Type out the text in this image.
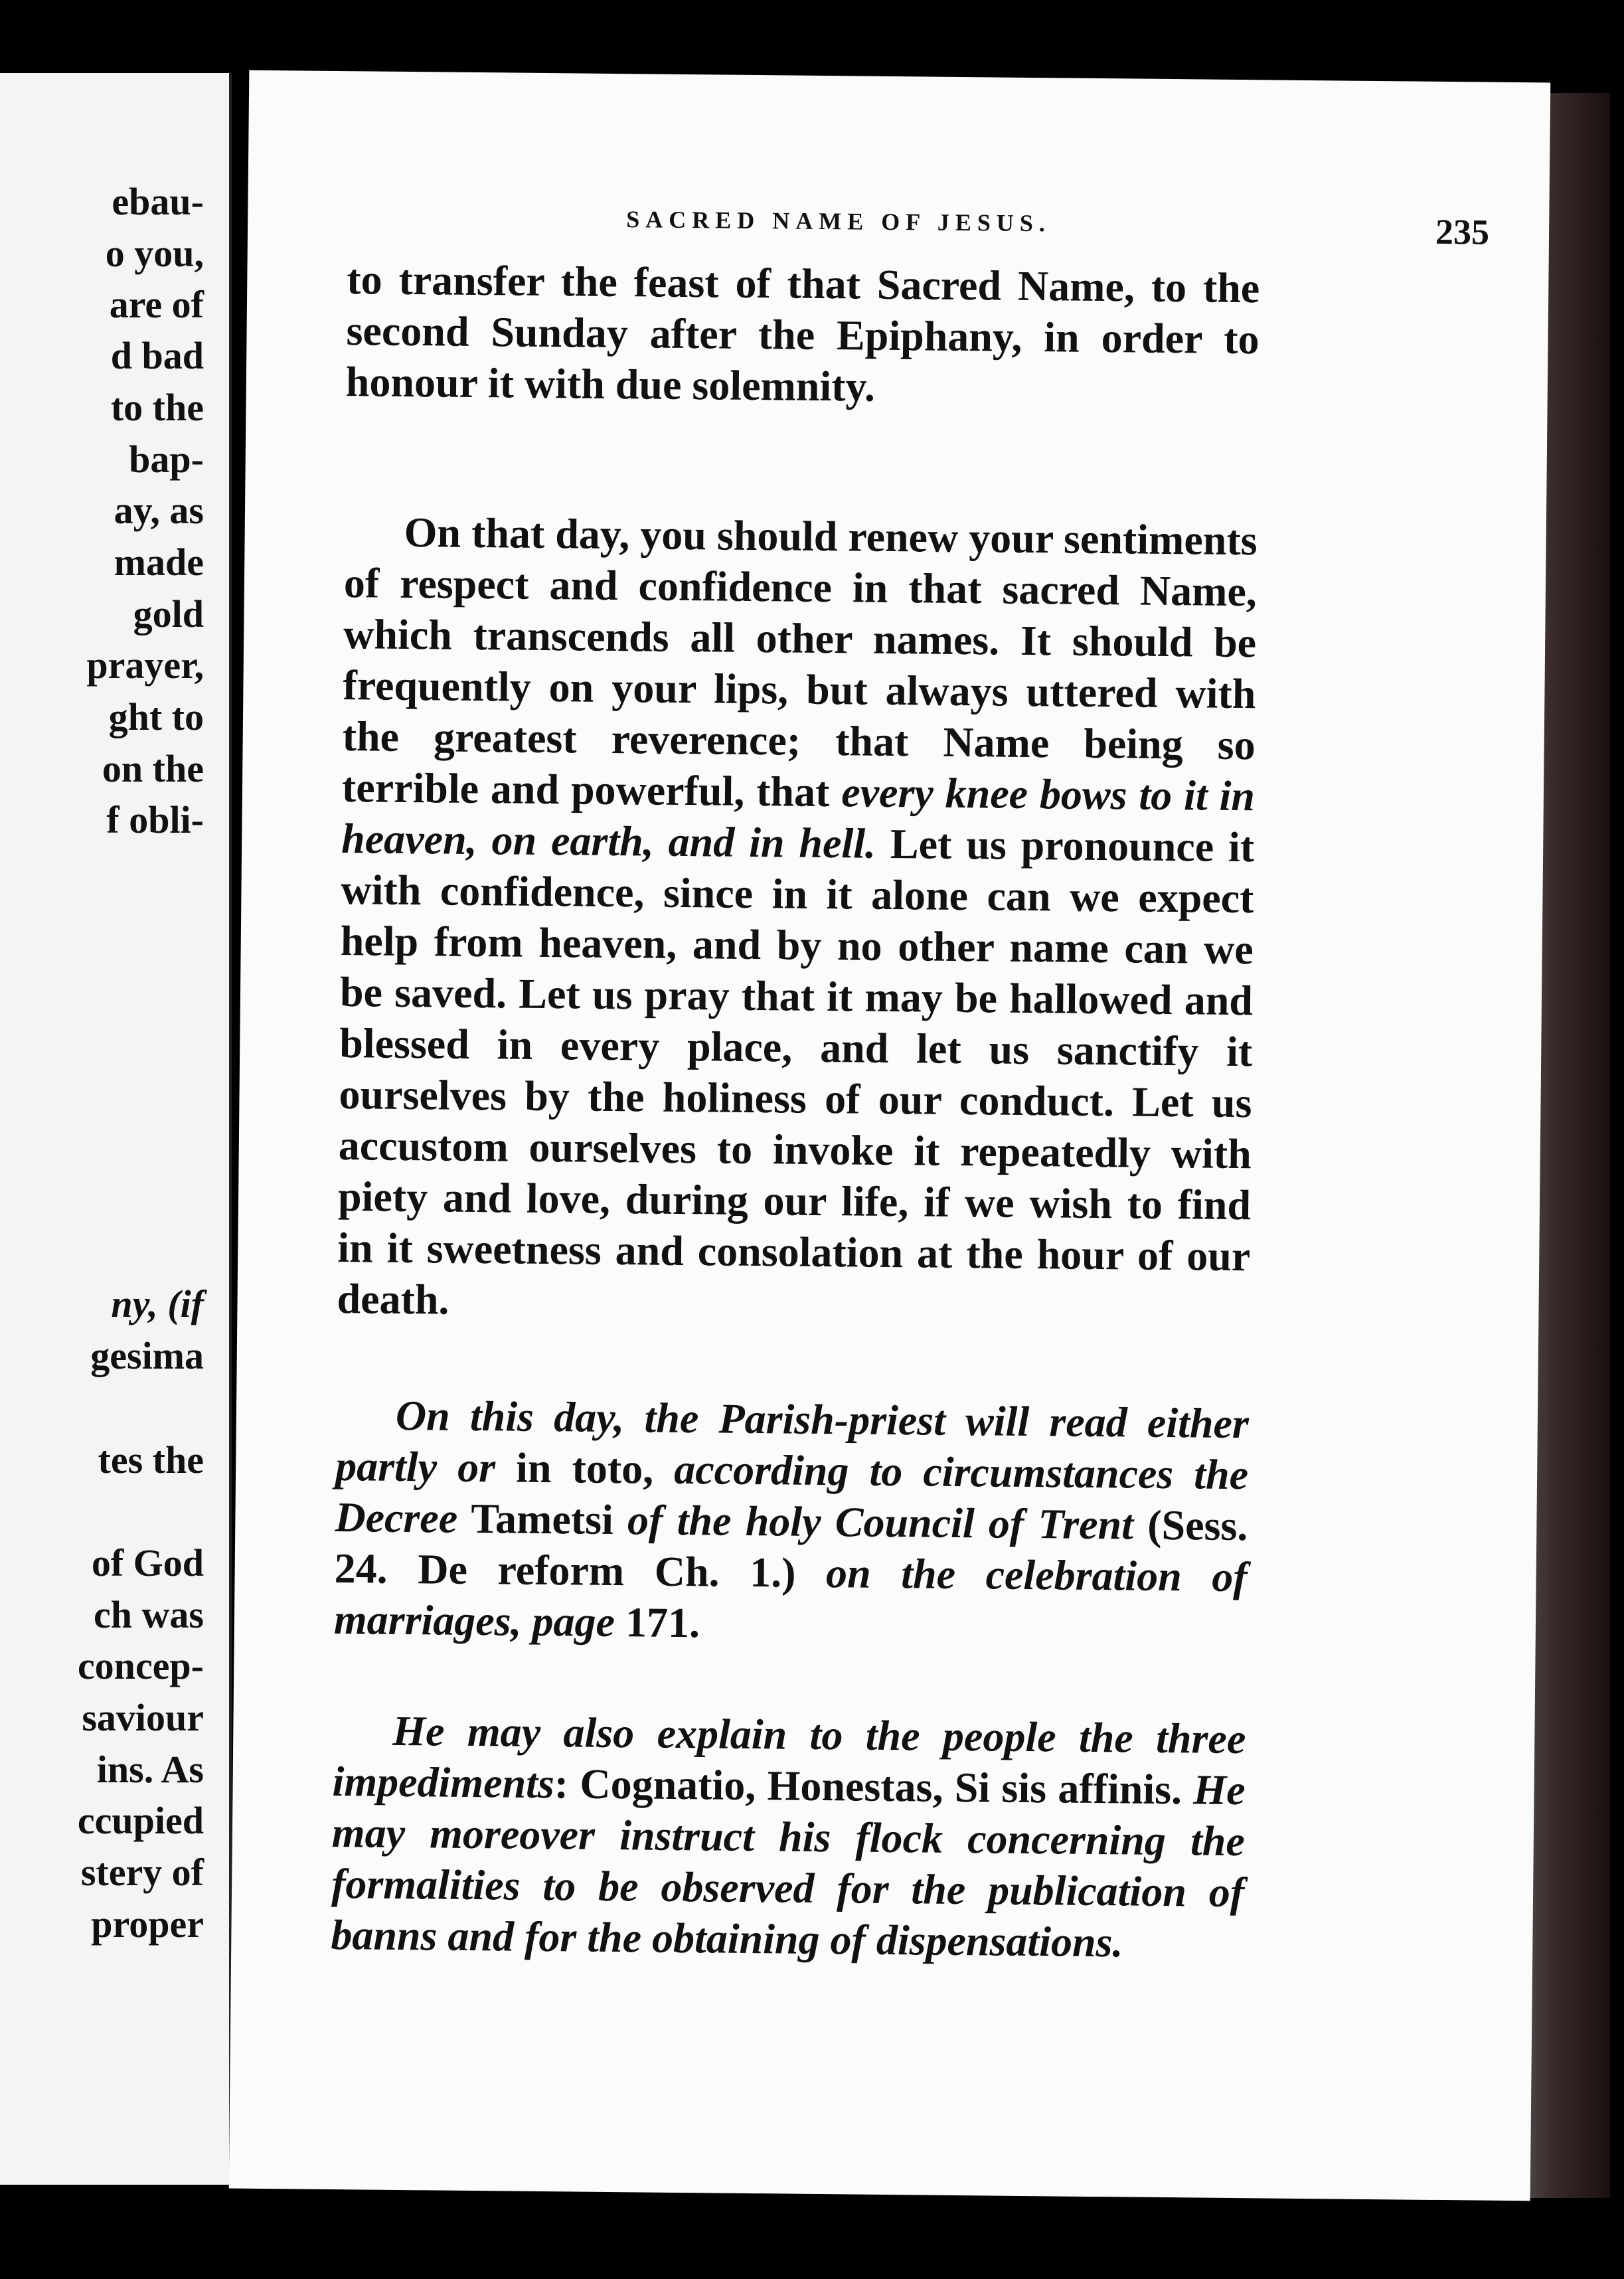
ebau-
o you,
are of
d bad
to the
bap-
ay, as
made
gold
prayer,
ght to
on the
f obli-
ny, (if
gesima
tes the
of God
ch was
concep-
saviour
ins. As
ccupied
stery of
proper
SACRED NAME OF JESUS.	235
to transfer the feast of that Sacred Name, to the second Sunday after the Epiphany, in order to honour it with due solemnity.
On that day, you should renew your sentiments of respect and confidence in that sacred Name, which transcends all other names. It should be frequently on your lips, but always uttered with the greatest reverence; that Name being so terrible and powerful, that every knee bows to it in heaven, on earth, and in hell. Let us pronounce it with confidence, since in it alone can we expect help from heaven, and by no other name can we be saved. Let us pray that it may be hallowed and blessed in every place, and let us sanctify it ourselves by the holiness of our conduct. Let us accustom ourselves to invoke it repeatedly with piety and love, during our life, if we wish to find in it sweetness and consolation at the hour of our death.
On this day, the Parish-priest will read either partly or in toto, according to circumstances the Decree Tametsi of the holy Council of Trent (Sess. 24. De reform Ch. 1.) on the celebration of marriages, page 171.
He may also explain to the people the three impediments: Cognatio, Honestas, Si sis affinis. He may moreover instruct his flock concerning the formalities to be observed for the publication of banns and for the obtaining of dispensations.
